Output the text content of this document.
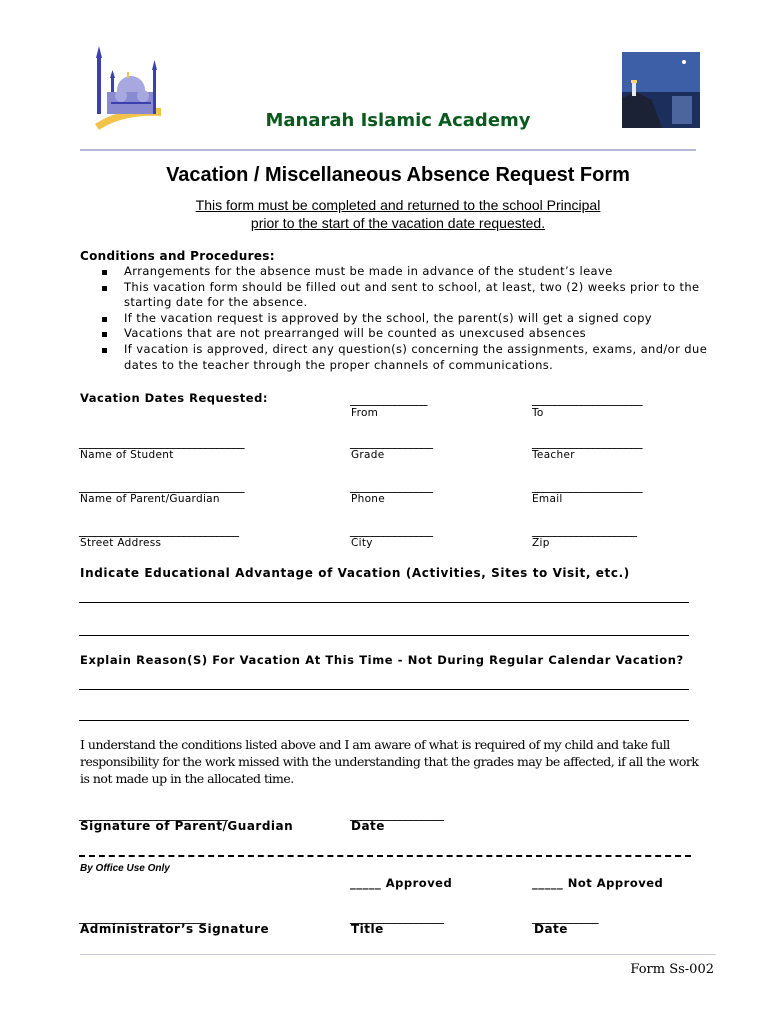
Manarah Islamic Academy
Vacation / Miscellaneous Absence Request Form
This form must be completed and returned to the school Principal
prior to the start of the vacation date requested.
Conditions and Procedures:
Arrangements for the absence must be made in advance of the student’s leave
This vacation form should be filled out and sent to school, at least, two (2) weeks prior to the starting date for the absence.
If the vacation request is approved by the school, the parent(s) will get a signed copy
Vacations that are not prearranged will be counted as unexcused absences
If vacation is approved, direct any question(s) concerning the assignments, exams, and/or due dates to the teacher through the proper channels of communications.
Vacation Dates Requested:	______________	____________________
From	To
______________________________	_______________	____________________
Name of Student	Grade	Teacher
______________________________	_______________	____________________
Name of Parent/Guardian	Phone	Email
_____________________________	_______________	___________________
Street Address	City	Zip
Indicate Educational Advantage of Vacation (Activities, Sites to Visit, etc.)
Explain Reason(S) For Vacation At This Time - Not During Regular Calendar Vacation?
I understand the conditions listed above and I am aware of what is required of my child and take full responsibility for the work missed with the understanding that the grades may be affected, if all the work is not made up in the allocated time.
___________________________	_________________
Signature of Parent/Guardian	Date
By Office Use Only
_____ Approved	_____ Not Approved
_______________________	_________________	____________
Administrator’s Signature	Title	Date
Form Ss-002
